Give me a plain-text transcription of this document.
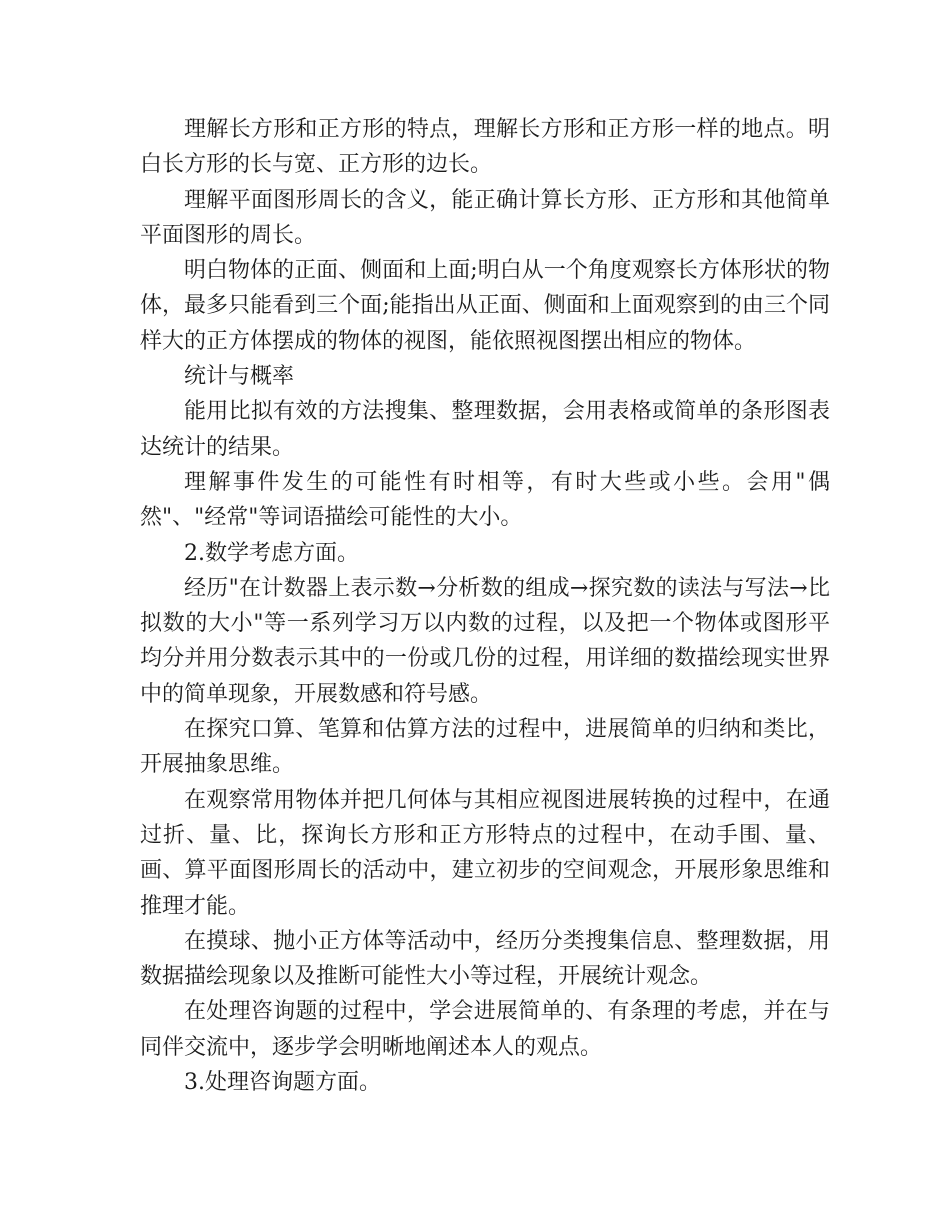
理解长方形和正方形的特点，理解长方形和正方形一样的地点。明白长方形的长与宽、正方形的边长。

理解平面图形周长的含义，能正确计算长方形、正方形和其他简单平面图形的周长。

明白物体的正面、侧面和上面;明白从一个角度观察长方体形状的物体，最多只能看到三个面;能指出从正面、侧面和上面观察到的由三个同样大的正方体摆成的物体的视图，能依照视图摆出相应的物体。

统计与概率

能用比拟有效的方法搜集、整理数据，会用表格或简单的条形图表达统计的结果。

理解事件发生的可能性有时相等，有时大些或小些。会用"偶然"、"经常"等词语描绘可能性的大小。

2.数学考虑方面。

经历"在计数器上表示数→分析数的组成→探究数的读法与写法→比拟数的大小"等一系列学习万以内数的过程，以及把一个物体或图形平均分并用分数表示其中的一份或几份的过程，用详细的数描绘现实世界中的简单现象，开展数感和符号感。

在探究口算、笔算和估算方法的过程中，进展简单的归纳和类比，开展抽象思维。

在观察常用物体并把几何体与其相应视图进展转换的过程中，在通过折、量、比，探询长方形和正方形特点的过程中，在动手围、量、画、算平面图形周长的活动中，建立初步的空间观念，开展形象思维和推理才能。

在摸球、抛小正方体等活动中，经历分类搜集信息、整理数据，用数据描绘现象以及推断可能性大小等过程，开展统计观念。

在处理咨询题的过程中，学会进展简单的、有条理的考虑，并在与同伴交流中，逐步学会明晰地阐述本人的观点。

3.处理咨询题方面。
